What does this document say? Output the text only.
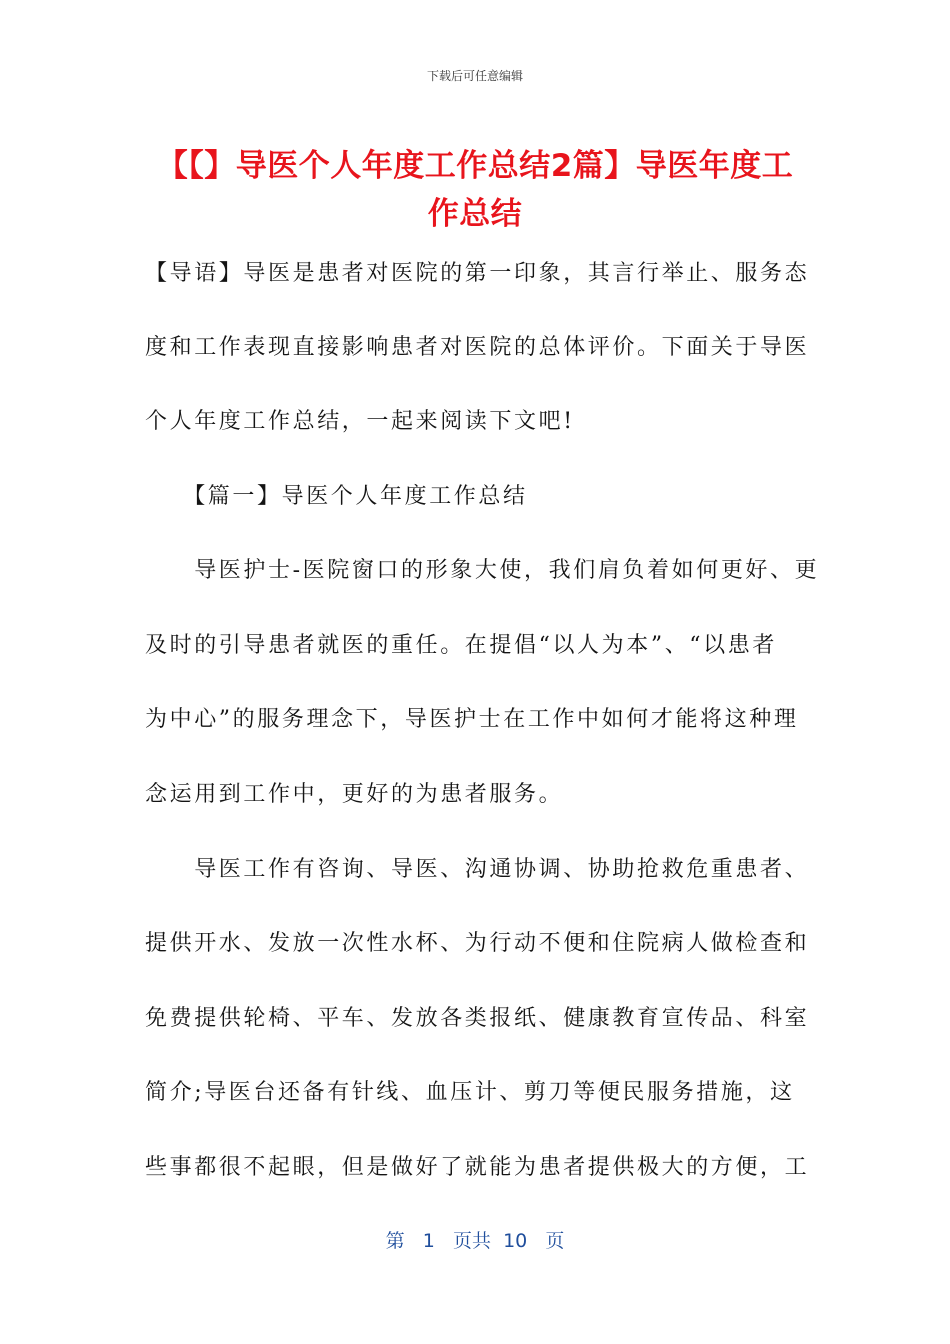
下载后可任意编辑
【【】导医个人年度工作总结2篇】导医年度工作总结
【导语】导医是患者对医院的第一印象，其言行举止、服务态
度和工作表现直接影响患者对医院的总体评价。下面关于导医
个人年度工作总结，一起来阅读下文吧!
　　【篇一】导医个人年度工作总结
　　导医护士-医院窗口的形象大使，我们肩负着如何更好、更
及时的引导患者就医的重任。在提倡“以人为本”、“以患者
为中心”的服务理念下，导医护士在工作中如何才能将这种理
念运用到工作中，更好的为患者服务。
　　导医工作有咨询、导医、沟通协调、协助抢救危重患者、
提供开水、发放一次性水杯、为行动不便和住院病人做检查和
免费提供轮椅、平车、发放各类报纸、健康教育宣传品、科室
简介;导医台还备有针线、血压计、剪刀等便民服务措施，这
些事都很不起眼，但是做好了就能为患者提供极大的方便，工
第 1 页共 10 页
